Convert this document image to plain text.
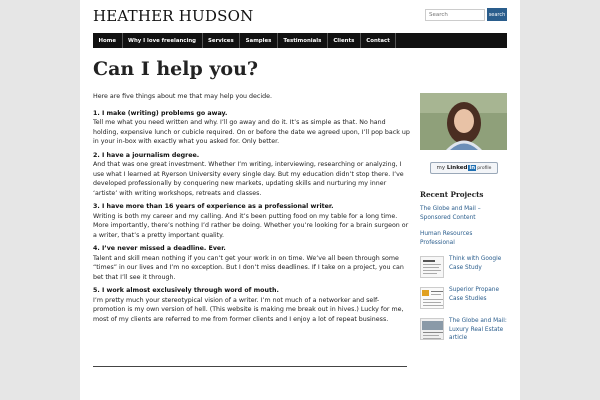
HEATHER HUDSON
Search	search
Home	Why I love freelancing	Services	Samples	Testimonials	Clients	Contact
Can I help you?

Here are five things about me that may help you decide.

1. I make (writing) problems go away.
Tell me what you need written and why. I’ll go away and do it. It’s as simple as that. No hand holding, expensive lunch or cubicle required. On or before the date we agreed upon, I’ll pop back up in your in-box with exactly what you asked for. Only better.
2. I have a journalism degree.
And that was one great investment. Whether I’m writing, interviewing, researching or analyzing, I use what I learned at Ryerson University every single day. But my education didn’t stop there. I’ve developed professionally by conquering new markets, updating skills and nurturing my inner ‘artiste’ with writing workshops, retreats and classes.
3. I have more than 16 years of experience as a professional writer.
Writing is both my career and my calling. And it’s been putting food on my table for a long time. More importantly, there’s nothing I’d rather be doing. Whether you’re looking for a brain surgeon or a writer, that’s a pretty important quality.
4. I’ve never missed a deadline. Ever.
Talent and skill mean nothing if you can’t get your work in on time. We’ve all been through some “times” in our lives and I’m no exception. But I don’t miss deadlines. If I take on a project, you can bet that I’ll see it through.
5. I work almost exclusively through word of mouth.
I’m pretty much your stereotypical vision of a writer. I’m not much of a networker and self-promotion is my own version of hell. (This website is making me break out in hives.) Lucky for me, most of my clients are referred to me from former clients and I enjoy a lot of repeat business.
my
Linked in profile
Recent Projects
The Globe and Mail – Sponsored Content
Human Resources Professional
Think with Google Case Study
Superior Propane Case Studies
The Globe and Mail: Luxury Real Estate article
